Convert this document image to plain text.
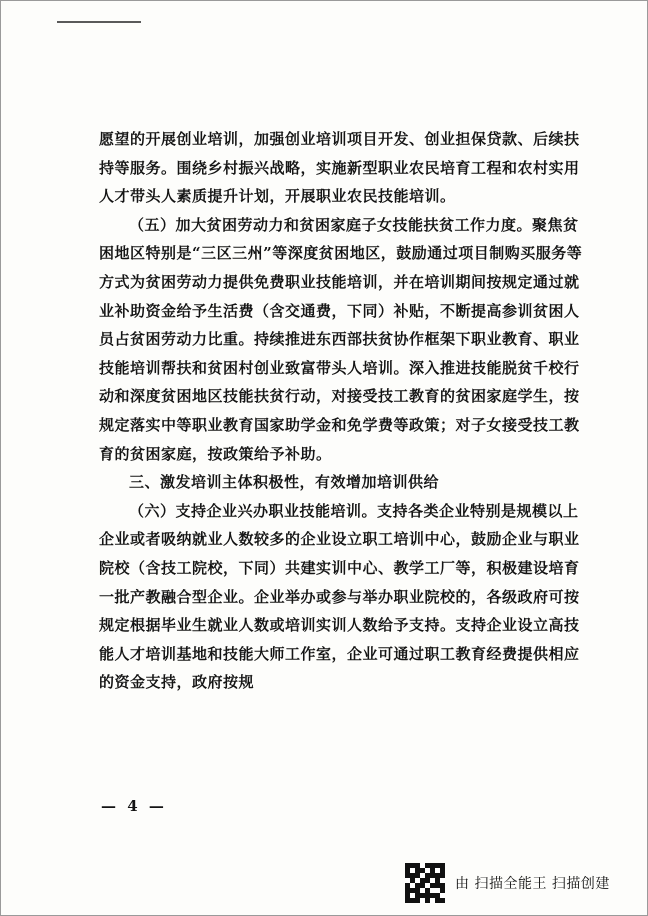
愿望的开展创业培训，加强创业培训项目开发、创业担保贷款、后续扶持等服务。围绕乡村振兴战略，实施新型职业农民培育工程和农村实用人才带头人素质提升计划，开展职业农民技能培训。

（五）加大贫困劳动力和贫困家庭子女技能扶贫工作力度。聚焦贫困地区特别是“三区三州”等深度贫困地区，鼓励通过项目制购买服务等方式为贫困劳动力提供免费职业技能培训，并在培训期间按规定通过就业补助资金给予生活费（含交通费，下同）补贴，不断提高参训贫困人员占贫困劳动力比重。持续推进东西部扶贫协作框架下职业教育、职业技能培训帮扶和贫困村创业致富带头人培训。深入推进技能脱贫千校行动和深度贫困地区技能扶贫行动，对接受技工教育的贫困家庭学生，按规定落实中等职业教育国家助学金和免学费等政策；对子女接受技工教育的贫困家庭，按政策给予补助。

三、激发培训主体积极性，有效增加培训供给

（六）支持企业兴办职业技能培训。支持各类企业特别是规模以上企业或者吸纳就业人数较多的企业设立职工培训中心，鼓励企业与职业院校（含技工院校，下同）共建实训中心、教学工厂等，积极建设培育一批产教融合型企业。企业举办或参与举办职业院校的，各级政府可按规定根据毕业生就业人数或培训实训人数给予支持。支持企业设立高技能人才培训基地和技能大师工作室，企业可通过职工教育经费提供相应的资金支持，政府按规

— 4 —
由 扫描全能王 扫描创建
